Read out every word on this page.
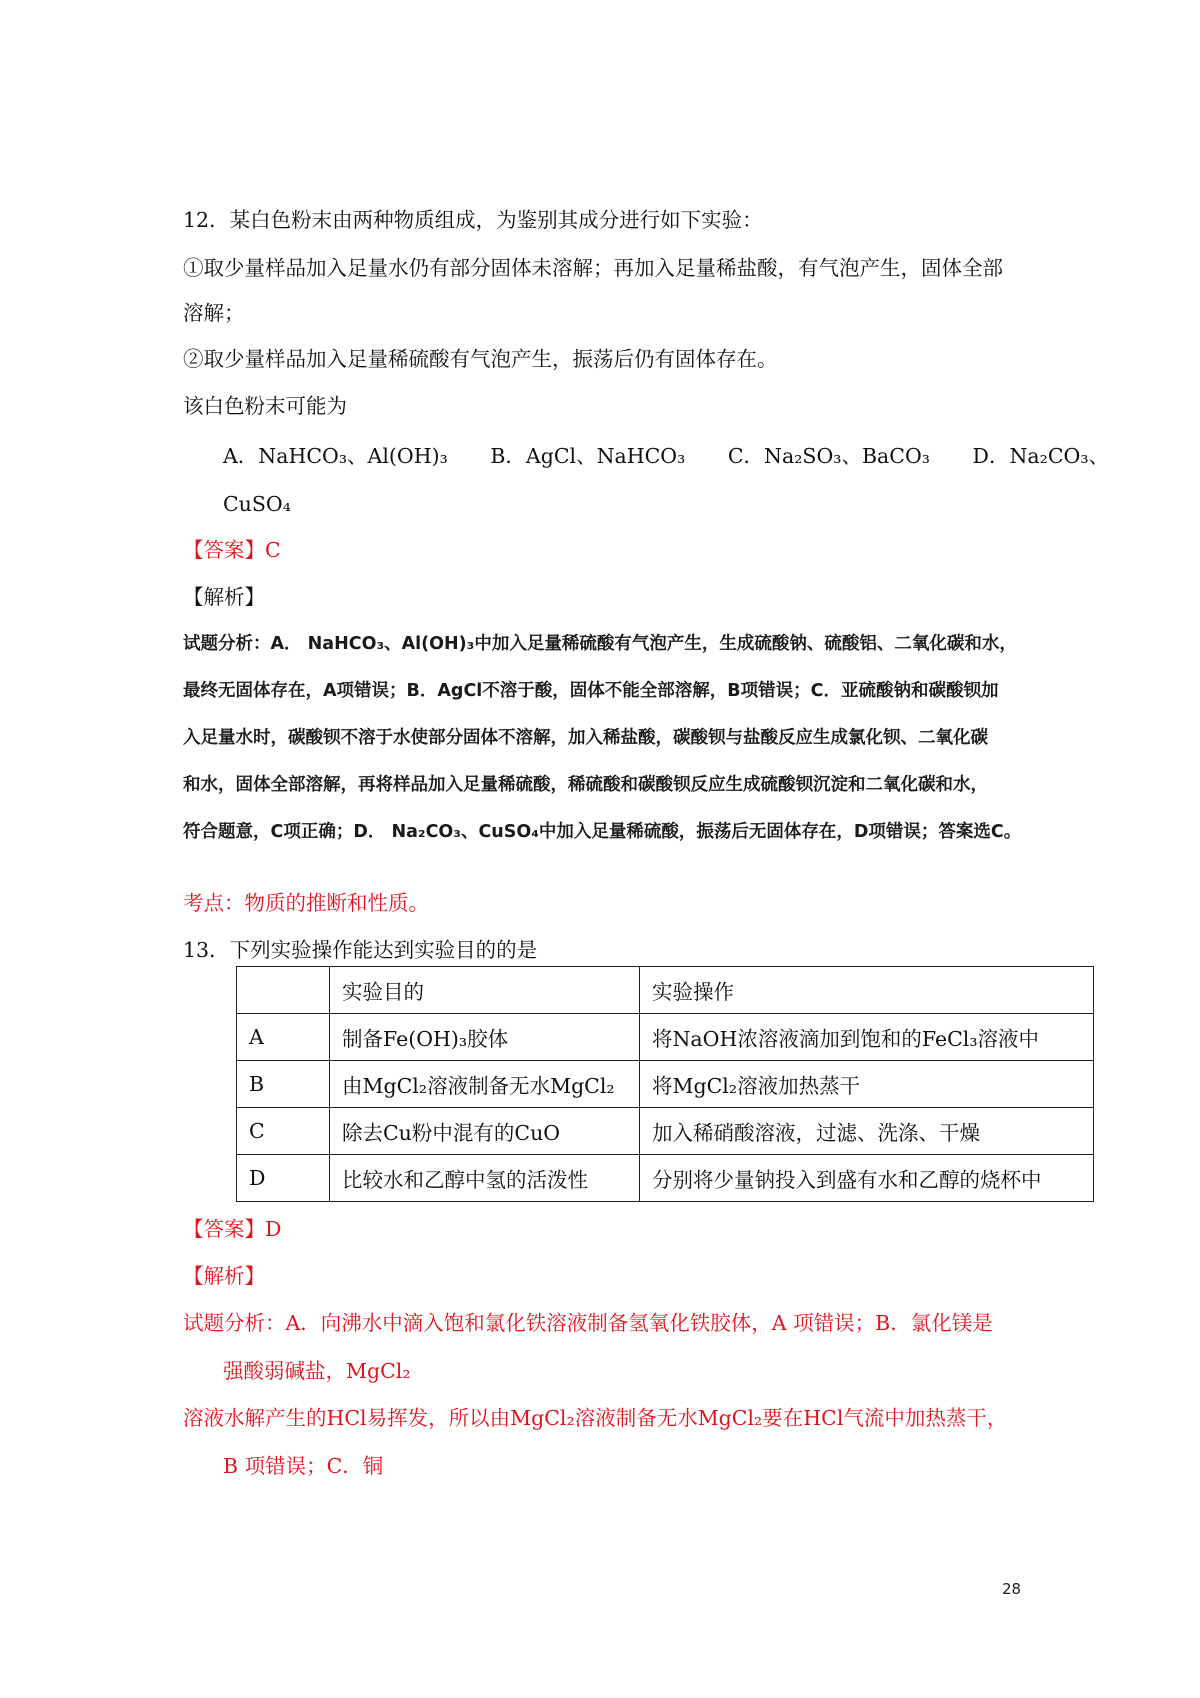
12．某白色粉末由两种物质组成，为鉴别其成分进行如下实验：
①取少量样品加入足量水仍有部分固体未溶解；再加入足量稀盐酸，有气泡产生，固体全部
溶解；
②取少量样品加入足量稀硫酸有气泡产生，振荡后仍有固体存在。
该白色粉末可能为
A．NaHCO₃、Al(OH)₃ B．AgCl、NaHCO₃ C．Na₂SO₃、BaCO₃ D．Na₂CO₃、
CuSO₄
【答案】C
【解析】
试题分析：A． NaHCO₃、Al(OH)₃中加入足量稀硫酸有气泡产生，生成硫酸钠、硫酸铝、二氧化碳和水，
最终无固体存在，A项错误；B．AgCl不溶于酸，固体不能全部溶解，B项错误；C．亚硫酸钠和碳酸钡加
入足量水时，碳酸钡不溶于水使部分固体不溶解，加入稀盐酸，碳酸钡与盐酸反应生成氯化钡、二氧化碳
和水，固体全部溶解，再将样品加入足量稀硫酸，稀硫酸和碳酸钡反应生成硫酸钡沉淀和二氧化碳和水，
符合题意，C项正确；D． Na₂CO₃、CuSO₄中加入足量稀硫酸，振荡后无固体存在，D项错误；答案选C。
考点：物质的推断和性质。
13．下列实验操作能达到实验目的的是
	实验目的	实验操作
A	制备Fe(OH)₃胶体	将NaOH浓溶液滴加到饱和的FeCl₃溶液中
B	由MgCl₂溶液制备无水MgCl₂	将MgCl₂溶液加热蒸干
C	除去Cu粉中混有的CuO	加入稀硝酸溶液，过滤、洗涤、干燥
D	比较水和乙醇中氢的活泼性	分别将少量钠投入到盛有水和乙醇的烧杯中
【答案】D
【解析】
试题分析：A．向沸水中滴入饱和氯化铁溶液制备氢氧化铁胶体，A 项错误；B．氯化镁是
强酸弱碱盐，MgCl₂
溶液水解产生的HCl易挥发，所以由MgCl₂溶液制备无水MgCl₂要在HCl气流中加热蒸干，
B 项错误；C．铜
28
